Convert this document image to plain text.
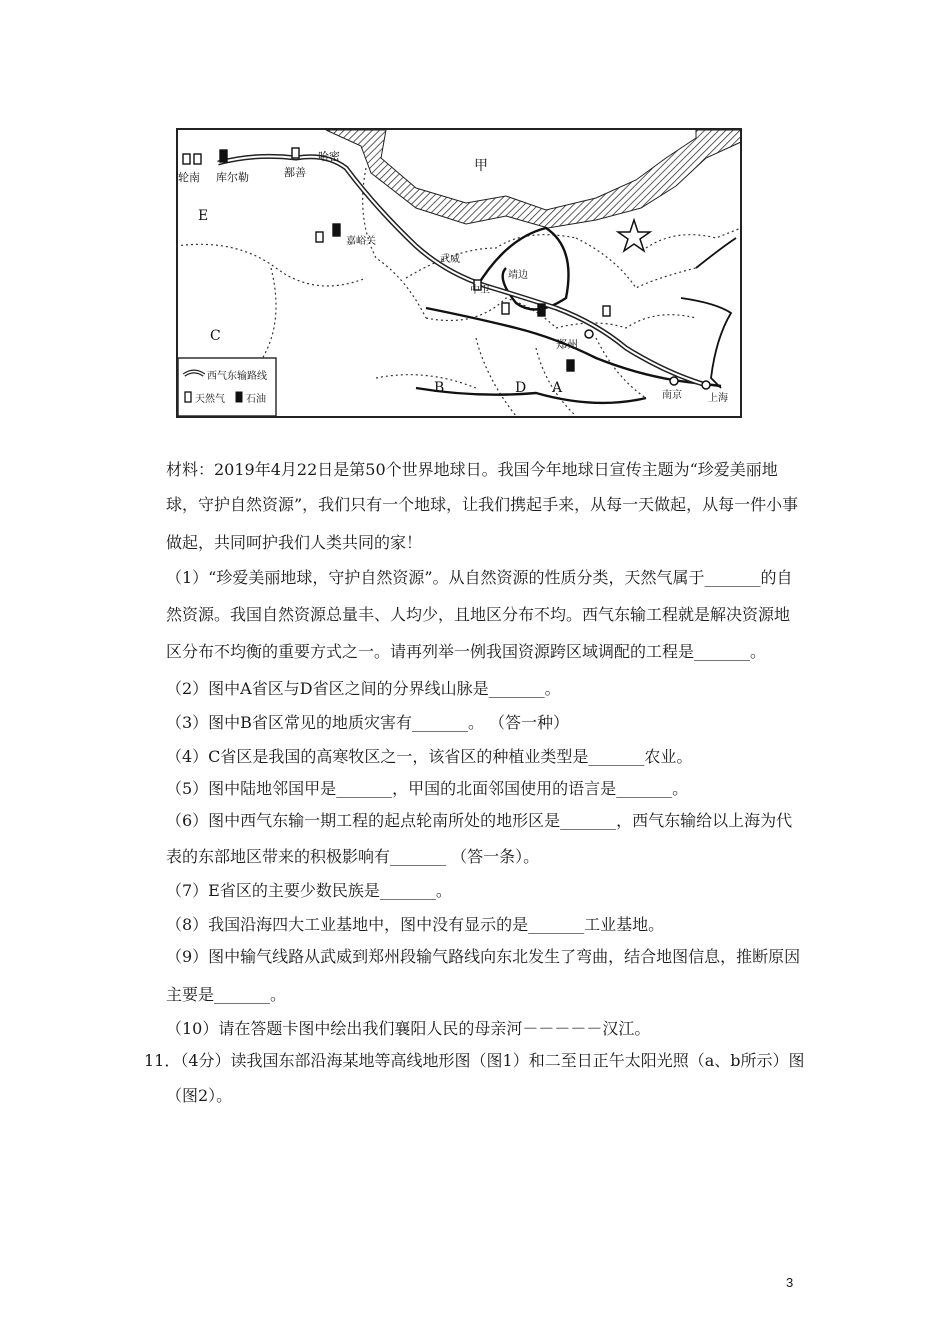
甲
E
C
B	D A
轮南 库尔勒	鄯善
哈密
嘉峪关
武威
中卫
靖边
郑州
南京	上海
西气东输路线
天然气 石油
材料：2019年4月22日是第50个世界地球日。我国今年地球日宣传主题为“珍爱美丽地
球，守护自然资源”，我们只有一个地球，让我们携起手来，从每一天做起，从每一件小事
做起，共同呵护我们人类共同的家！
（1）“珍爱美丽地球，守护自然资源”。从自然资源的性质分类，天然气属于_______的自
然资源。我国自然资源总量丰、人均少，且地区分布不均。西气东输工程就是解决资源地
区分布不均衡的重要方式之一。请再列举一例我国资源跨区域调配的工程是_______。
（2）图中A省区与D省区之间的分界线山脉是_______。
（3）图中B省区常见的地质灾害有_______。 （答一种）
（4）C省区是我国的高寒牧区之一，该省区的种植业类型是_______农业。
（5）图中陆地邻国甲是_______，甲国的北面邻国使用的语言是_______。
（6）图中西气东输一期工程的起点轮南所处的地形区是_______，西气东输给以上海为代
表的东部地区带来的积极影响有_______ （答一条）。
（7）E省区的主要少数民族是_______。
（8）我国沿海四大工业基地中，图中没有显示的是_______工业基地。
（9）图中输气线路从武威到郑州段输气路线向东北发生了弯曲，结合地图信息，推断原因
主要是_______。
（10）请在答题卡图中绘出我们襄阳人民的母亲河－－－－－汉江。
11．（4分）读我国东部沿海某地等高线地形图（图1）和二至日正午太阳光照（a、b所示）图
（图2）。
3
